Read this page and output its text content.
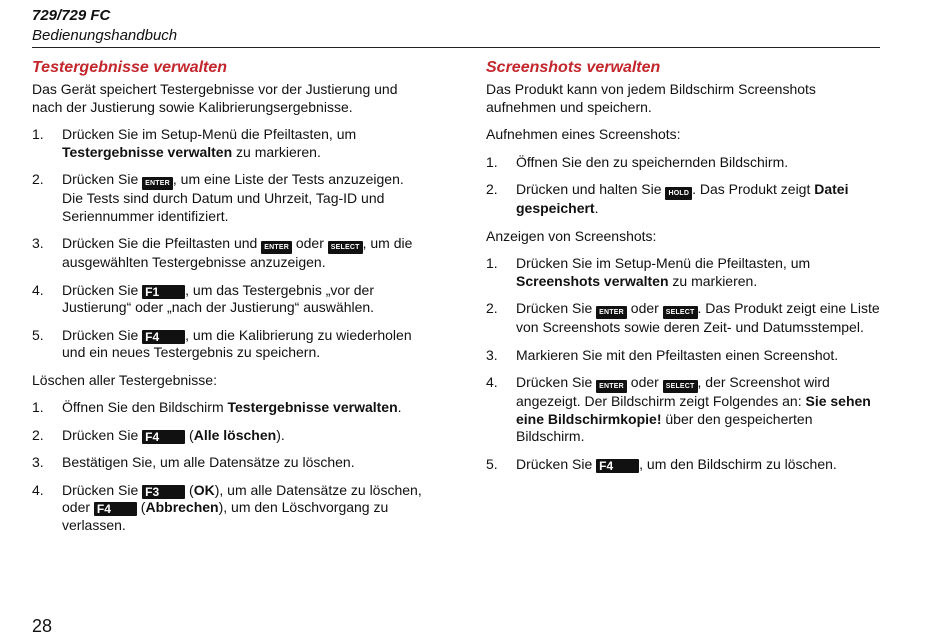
729/729 FC
Bedienungshandbuch
Testergebnisse verwalten

Das Gerät speichert Testergebnisse vor der Justierung und nach der Justierung sowie Kalibrierungsergebnisse.

1. Drücken Sie im Setup-Menü die Pfeiltasten, um Testergebnisse verwalten zu markieren.
2. Drücken Sie ENTER , um eine Liste der Tests anzuzeigen. Die Tests sind durch Datum und Uhrzeit, Tag-ID und Seriennummer identifiziert.
3. Drücken Sie die Pfeiltasten und ENTER oder SELECT , um die ausgewählten Testergebnisse anzuzeigen.
4. Drücken Sie F1 , um das Testergebnis „vor der Justierung“ oder „nach der Justierung“ auswählen.
5. Drücken Sie F4 , um die Kalibrierung zu wiederholen und ein neues Testergebnis zu speichern.

Löschen aller Testergebnisse:

1. Öffnen Sie den Bildschirm Testergebnisse verwalten.
2. Drücken Sie F4 (Alle löschen).
3. Bestätigen Sie, um alle Datensätze zu löschen.
4. Drücken Sie F3 (OK), um alle Datensätze zu löschen, oder F4 (Abbrechen), um den Löschvorgang zu verlassen.
Screenshots verwalten

Das Produkt kann von jedem Bildschirm Screenshots aufnehmen und speichern.

Aufnehmen eines Screenshots:

1. Öffnen Sie den zu speichernden Bildschirm.
2. Drücken und halten Sie HOLD . Das Produkt zeigt Datei gespeichert.

Anzeigen von Screenshots:

1. Drücken Sie im Setup-Menü die Pfeiltasten, um Screenshots verwalten zu markieren.
2. Drücken Sie ENTER oder SELECT . Das Produkt zeigt eine Liste von Screenshots sowie deren Zeit- und Datumsstempel.
3. Markieren Sie mit den Pfeiltasten einen Screenshot.
4. Drücken Sie ENTER oder SELECT , der Screenshot wird angezeigt. Der Bildschirm zeigt Folgendes an: Sie sehen eine Bildschirmkopie! über den gespeicherten Bildschirm.
5. Drücken Sie F4 , um den Bildschirm zu löschen.
28
